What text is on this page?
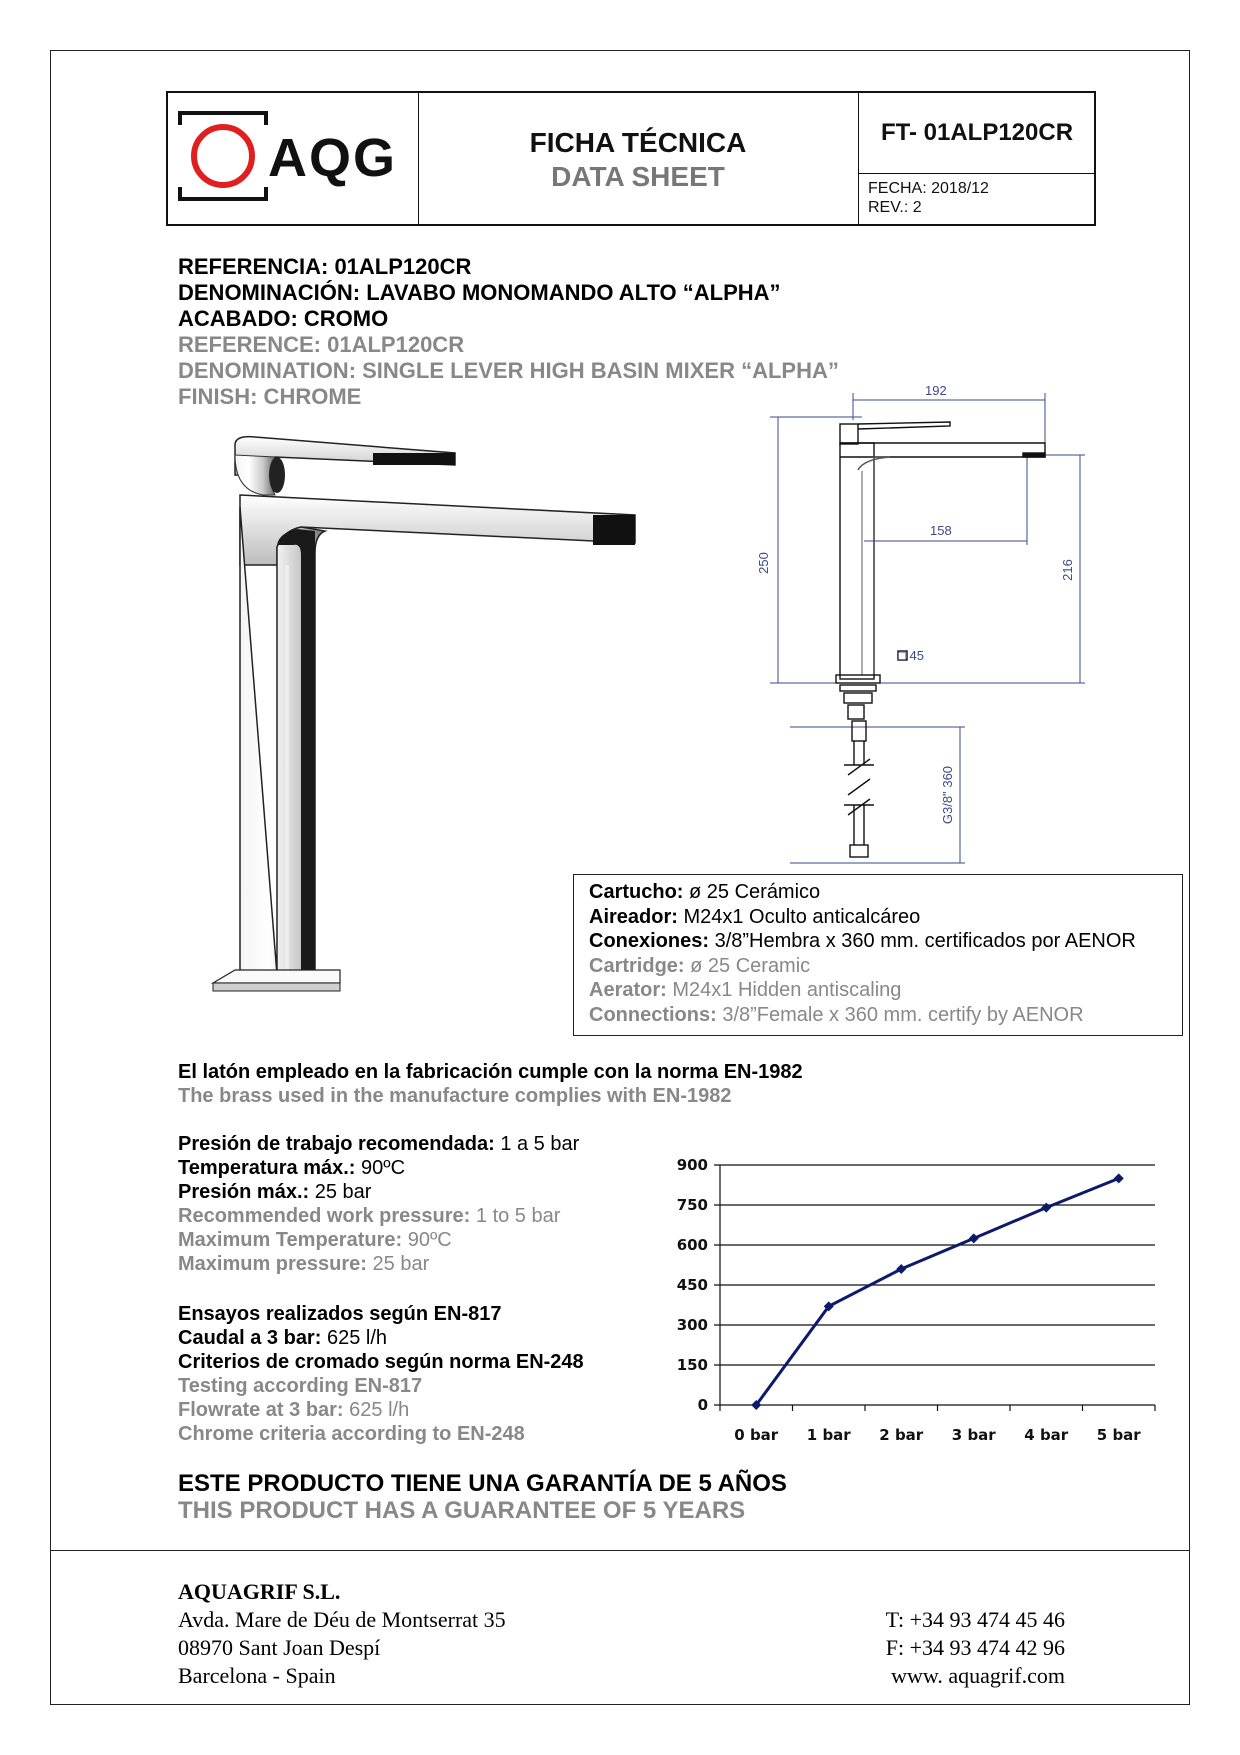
AQG	FICHA TÉCNICA
DATA SHEET
FT- 01ALP120CR
FECHA: 2018/12
REV.: 2
REFERENCIA: 01ALP120CR
DENOMINACIÓN: LAVABO MONOMANDO ALTO “ALPHA”
ACABADO: CROMO
REFERENCE: 01ALP120CR
DENOMINATION: SINGLE LEVER HIGH BASIN MIXER “ALPHA”
FINISH: CHROME	192
158
250	216
□ 45
G3/8" 360
Cartucho: ø 25 Cerámico
Aireador: M24x1 Oculto anticalcáreo
Conexiones: 3/8”Hembra x 360 mm. certificados por AENOR
Cartridge: ø 25 Ceramic
Aerator: M24x1 Hidden antiscaling
Connections: 3/8”Female x 360 mm. certify by AENOR
El latón empleado en la fabricación cumple con la norma EN-1982
The brass used in the manufacture complies with EN-1982
Presión de trabajo recomendada: 1 a 5 bar
Temperatura máx.: 90ºC
Presión máx.: 25 bar
Recommended work pressure: 1 to 5 bar
Maximum Temperature: 90ºC
Maximum pressure: 25 bar
Ensayos realizados según EN-817
Caudal a 3 bar: 625 l/h
Criterios de cromado según norma EN-248
Testing according EN-817
Flowrate at 3 bar: 625 l/h
Chrome criteria according to EN-248
0
150
300
450
600
750
900
0 bar 1 bar 2 bar 3 bar 4 bar 5 bar
ESTE PRODUCTO TIENE UNA GARANTÍA DE 5 AÑOS
THIS PRODUCT HAS A GUARANTEE OF 5 YEARS
AQUAGRIF S.L.
Avda. Mare de Déu de Montserrat 35
08970 Sant Joan Despí
Barcelona - Spain
T: +34 93 474 45 46
F: +34 93 474 42 96
www. aquagrif.com
